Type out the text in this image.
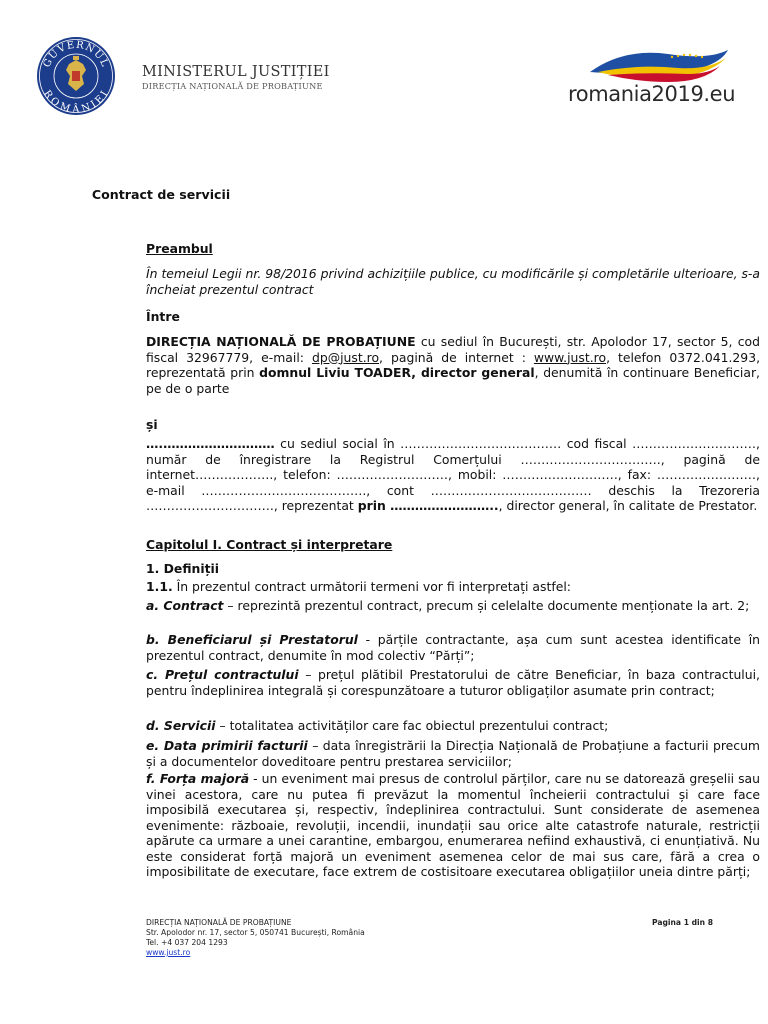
GUVERNUL
ROMÂNIEI
MINISTERUL JUSTIȚIEI
DIRECȚIA NAȚIONALĂ DE PROBAȚIUNE	romania2019.eu
Contract de servicii
Preambul
În temeiul Legii nr. 98/2016 privind achizițiile publice, cu modificările și completările ulterioare, s-a încheiat prezentul contract
Între
DIRECȚIA NAȚIONALĂ DE PROBAȚIUNE cu sediul în București, str. Apolodor 17, sector 5, cod fiscal 32967779, e-mail: dp@just.ro, pagină de internet : www.just.ro, telefon 0372.041.293, reprezentată prin domnul Liviu TOADER, director general, denumită în continuare Beneficiar, pe de o parte
și
….……………………… cu sediul social în ………………………………… cod fiscal …………………………, număr de înregistrare la Registrul Comerțului ……………………………., pagină de internet………………., telefon: ………………………, mobil: ………………………., fax: ……………………, e-mail …………………………………., cont ………………………………… deschis la Trezoreria …………………………., reprezentat prin …………………….., director general, în calitate de Prestator.
Capitolul I. Contract și interpretare
1. Definiții
1.1. În prezentul contract următorii termeni vor fi interpretați astfel:
a. Contract – reprezintă prezentul contract, precum și celelalte documente menționate la art. 2;
b. Beneficiarul și Prestatorul - părțile contractante, așa cum sunt acestea identificate în prezentul contract, denumite în mod colectiv “Părți”;
c. Prețul contractului – prețul plătibil Prestatorului de către Beneficiar, în baza contractului, pentru îndeplinirea integrală și corespunzătoare a tuturor obligaților asumate prin contract;
d. Servicii – totalitatea activităților care fac obiectul prezentului contract;
e. Data primirii facturii – data înregistrării la Direcția Națională de Probațiune a facturii precum și a documentelor doveditoare pentru prestarea serviciilor;
f. Forța majoră - un eveniment mai presus de controlul părților, care nu se datorează greșelii sau vinei acestora, care nu putea fi prevăzut la momentul încheierii contractului și care face imposibilă executarea și, respectiv, îndeplinirea contractului. Sunt considerate de asemenea evenimente: războaie, revoluții, incendii, inundații sau orice alte catastrofe naturale, restricții apărute ca urmare a unei carantine, embargou, enumerarea nefiind exhaustivă, ci enunțiativă. Nu este considerat forță majoră un eveniment asemenea celor de mai sus care, fără a crea o imposibilitate de executare, face extrem de costisitoare executarea obligațiilor uneia dintre părți;
DIRECȚIA NAȚIONALĂ DE PROBAȚIUNE
Str. Apolodor nr. 17, sector 5, 050741 București, România
Tel. +4 037 204 1293
www.just.ro
Pagina 1 din 8
